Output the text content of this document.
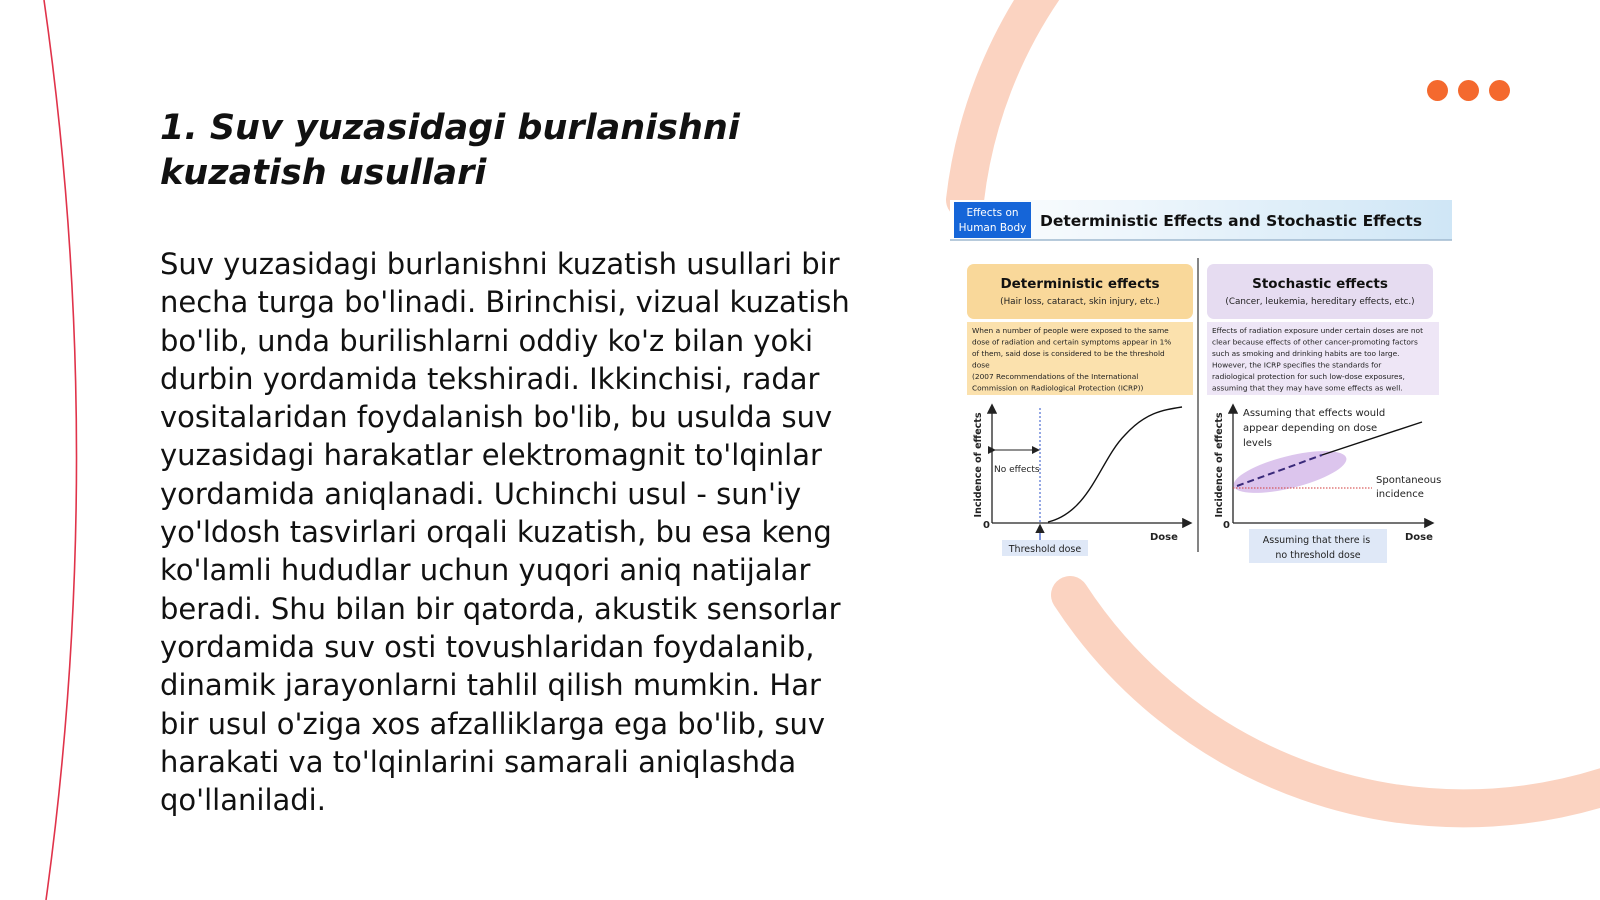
1. Suv yuzasidagi burlanishni kuzatish usullari

Suv yuzasidagi burlanishni kuzatish usullari bir necha turga bo'linadi. Birinchisi, vizual kuzatish bo'lib, unda burilishlarni oddiy ko'z bilan yoki durbin yordamida tekshiradi. Ikkinchisi, radar vositalaridan foydalanish bo'lib, bu usulda suv yuzasidagi harakatlar elektromagnit to'lqinlar yordamida aniqlanadi. Uchinchi usul - sun'iy yo'ldosh tasvirlari orqali kuzatish, bu esa keng ko'lamli hududlar uchun yuqori aniq natijalar beradi. Shu bilan bir qatorda, akustik sensorlar yordamida suv osti tovushlaridan foydalanib, dinamik jarayonlarni tahlil qilish mumkin. Har bir usul o'ziga xos afzalliklarga ega bo'lib, suv harakati va to'lqinlarini samarali aniqlashda qo'llaniladi.

Effects on
Human Body Deterministic Effects and Stochastic Effects
Deterministic effects
(Hair loss, cataract, skin injury, etc.)
When a number of people were exposed to the same dose of radiation and certain symptoms appear in 1% of them, said dose is considered to be the threshold dose (2007 Recommendations of the International Commission on Radiological Protection (ICRP))
Incidence of effects
0
Dose
No effects
Threshold dose
Stochastic effects
(Cancer, leukemia, hereditary effects, etc.)
Effects of radiation exposure under certain doses are not clear because effects of other cancer-promoting factors such as smoking and drinking habits are too large. However, the ICRP specifies the standards for radiological protection for such low-dose exposures, assuming that they may have some effects as well.
Incidence of effects
0
Dose
Assuming that effects would appear depending on dose levels
Spontaneous incidence
Assuming that there is no threshold dose
